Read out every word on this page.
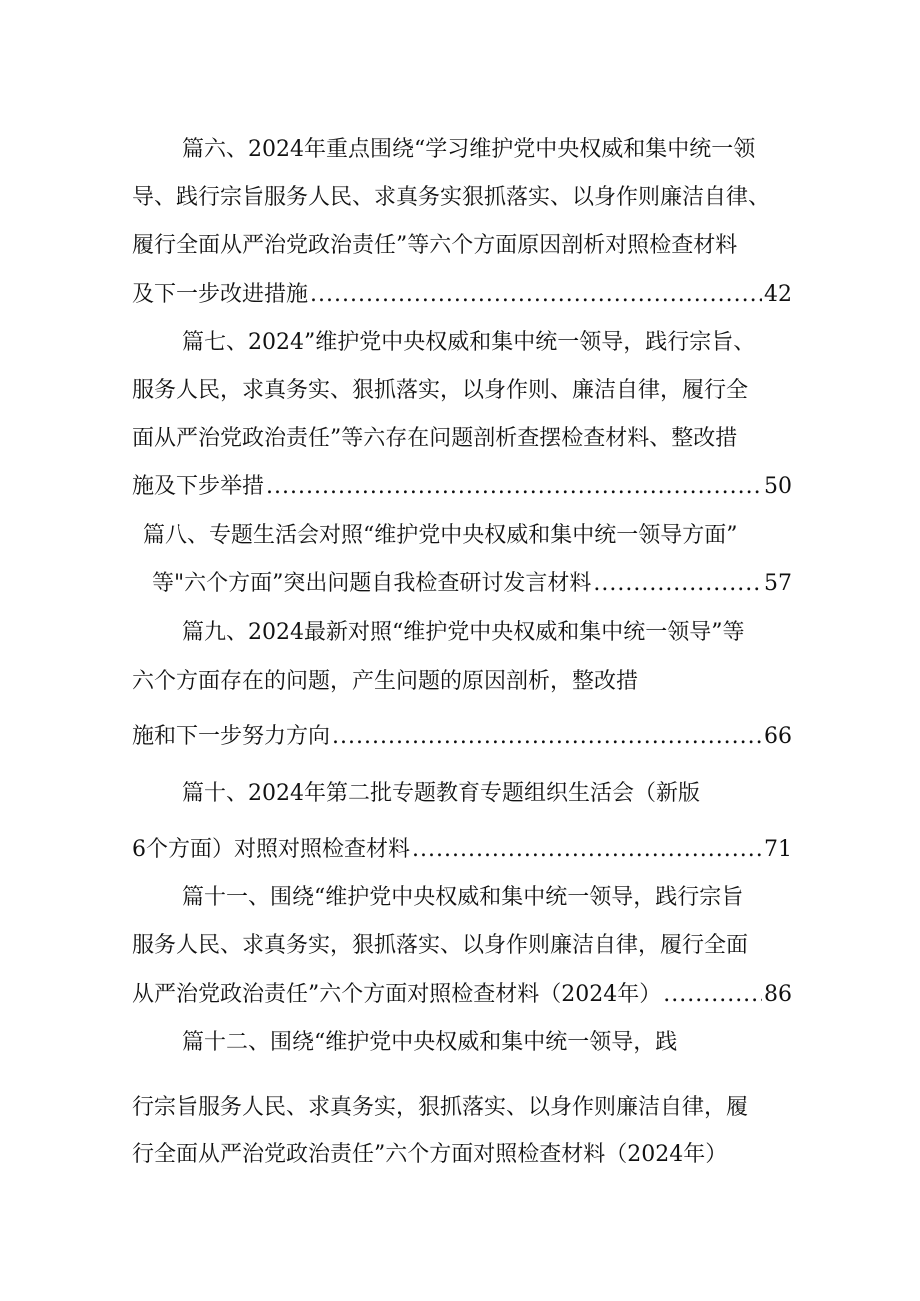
篇六、2024年重点围绕“学习维护党中央权威和集中统一领
导、践行宗旨服务人民、求真务实狠抓落实、以身作则廉洁自律、
履行全面从严治党政治责任”等六个方面原因剖析对照检查材料
及下一步改进措施 .....	42
篇七、2024”维护党中央权威和集中统一领导，践行宗旨、
服务人民，求真务实、狠抓落实，以身作则、廉洁自律，履行全
面从严治党政治责任”等六存在问题剖析查摆检查材料、整改措
施及下步举措 .....	50
篇八、专题生活会对照“维护党中央权威和集中统一领导方面”
等"六个方面”突出问题自我检查研讨发言材料 .....	57
篇九、2024最新对照“维护党中央权威和集中统一领导”等
六个方面存在的问题，产生问题的原因剖析，整改措
施和下一步努力方向 .....	66
篇十、2024年第二批专题教育专题组织生活会（新版
6个方面）对照对照检查材料 .....	71
篇十一、围绕“维护党中央权威和集中统一领导，践行宗旨
服务人民、求真务实，狠抓落实、以身作则廉洁自律，履行全面
从严治党政治责任”六个方面对照检查材料（2024年） .....	86
篇十二、围绕“维护党中央权威和集中统一领导，践
行宗旨服务人民、求真务实，狠抓落实、以身作则廉洁自律，履
行全面从严治党政治责任”六个方面对照检查材料（2024年）
